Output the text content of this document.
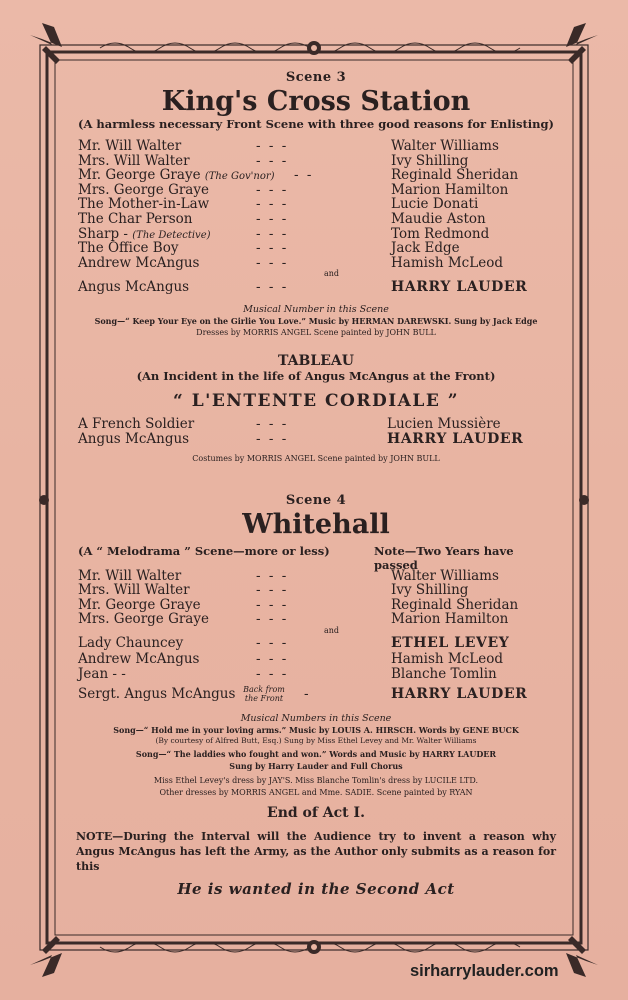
Scene 3
King's Cross Station
(A harmless necessary Front Scene with three good reasons for Enlisting)
Mr. Will Walter	- - -	Walter Williams
Mrs. Will Walter	- - -	Ivy Shilling
Mr. George Graye (The Gov'nor) - -	Reginald Sheridan
Mrs. George Graye	- - -	Marion Hamilton
The Mother-in-Law	- - -	Lucie Donati
The Char Person	- - -	Maudie Aston
Sharp - (The Detective)	- - -	Tom Redmond
The Office Boy	- - -	Jack Edge
Andrew McAngus	- - -	Hamish McLeod
and
Angus McAngus	- - -	HARRY LAUDER
Musical Number in this Scene
Song—“ Keep Your Eye on the Girlie You Love.” Music by HERMAN DAREWSKI. Sung by Jack Edge
Dresses by MORRIS ANGEL Scene painted by JOHN BULL
TABLEAU
(An Incident in the life of Angus McAngus at the Front)
“ L'ENTENTE CORDIALE ”
A French Soldier	- - -	Lucien Mussière
Angus McAngus	- - -	HARRY LAUDER
Costumes by MORRIS ANGEL Scene painted by JOHN BULL
Scene 4
Whitehall
(A “ Melodrama ” Scene—more or less)	Note—Two Years have passed
Mr. Will Walter	- - -	Walter Williams
Mrs. Will Walter	- - -	Ivy Shilling
Mr. George Graye	- - -	Reginald Sheridan
Mrs. George Graye	- - -	Marion Hamilton
and
Lady Chauncey	- - -	ETHEL LEVEY
Andrew McAngus	- - -	Hamish McLeod
Jean - -	- - -	Blanche Tomlin
Sergt. Angus McAngus Back from the Front	-	HARRY LAUDER
Musical Numbers in this Scene
Song—“ Hold me in your loving arms.” Music by LOUIS A. HIRSCH. Words by GENE BUCK
(By courtesy of Alfred Butt, Esq.) Sung by Miss Ethel Levey and Mr. Walter Williams
Song—“ The laddies who fought and won.” Words and Music by HARRY LAUDER
Sung by Harry Lauder and Full Chorus
Miss Ethel Levey's dress by JAY'S. Miss Blanche Tomlin's dress by LUCILE LTD.
Other dresses by MORRIS ANGEL and Mme. SADIE. Scene painted by RYAN
End of Act I.
NOTE—During the Interval will the Audience try to invent a reason why Angus McAngus has left the Army, as the Author only submits as a reason for this
He is wanted in the Second Act
sirharrylauder.com
